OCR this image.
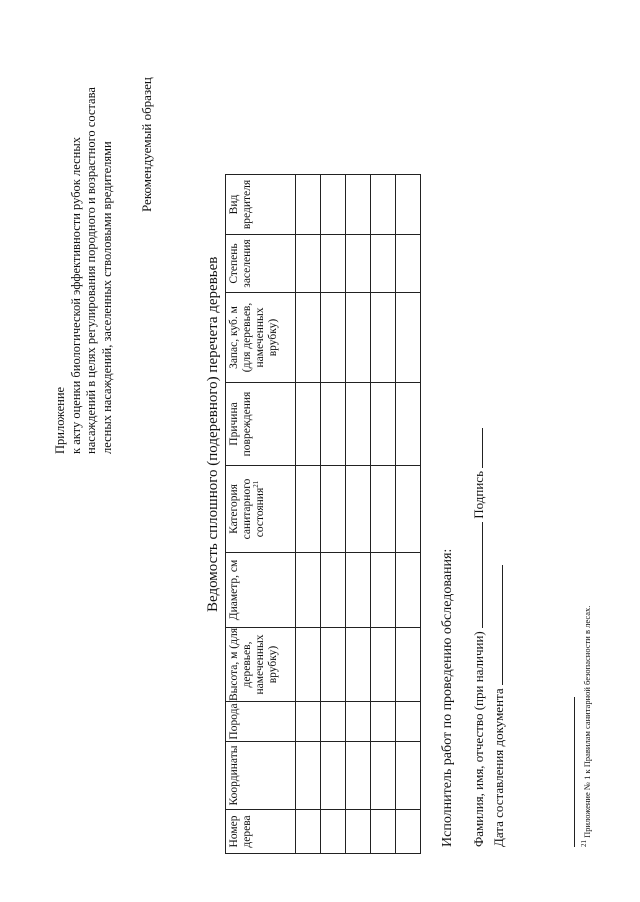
Приложение к акту оценки биологической эффективности рубок лесных насаждений в целях регулирования породного и возрастного состава лесных насаждений, заселенных стволовыми вредителями Рекомендуемый образец
Ведомость сплошного (подеревного) перечета деревьев
Номер
дерева	Координаты	Порода	Высота, м (для
деревьев,
намеченных
врубку)	Диаметр, см	Категория
санитарного
состояния$^{21}$	Причина
повреждения	Запас, куб. м
(для деревьев,
намеченных
врубку)	Степень
заселения	Вид
вредителя

Исполнитель работ по проведению обследования: Фамилия, имя, отчество (при наличии)  Подпись
Дата составления документа	$^{21}$ Приложение № 1 к Правилам санитарной безопасности в лесах.
